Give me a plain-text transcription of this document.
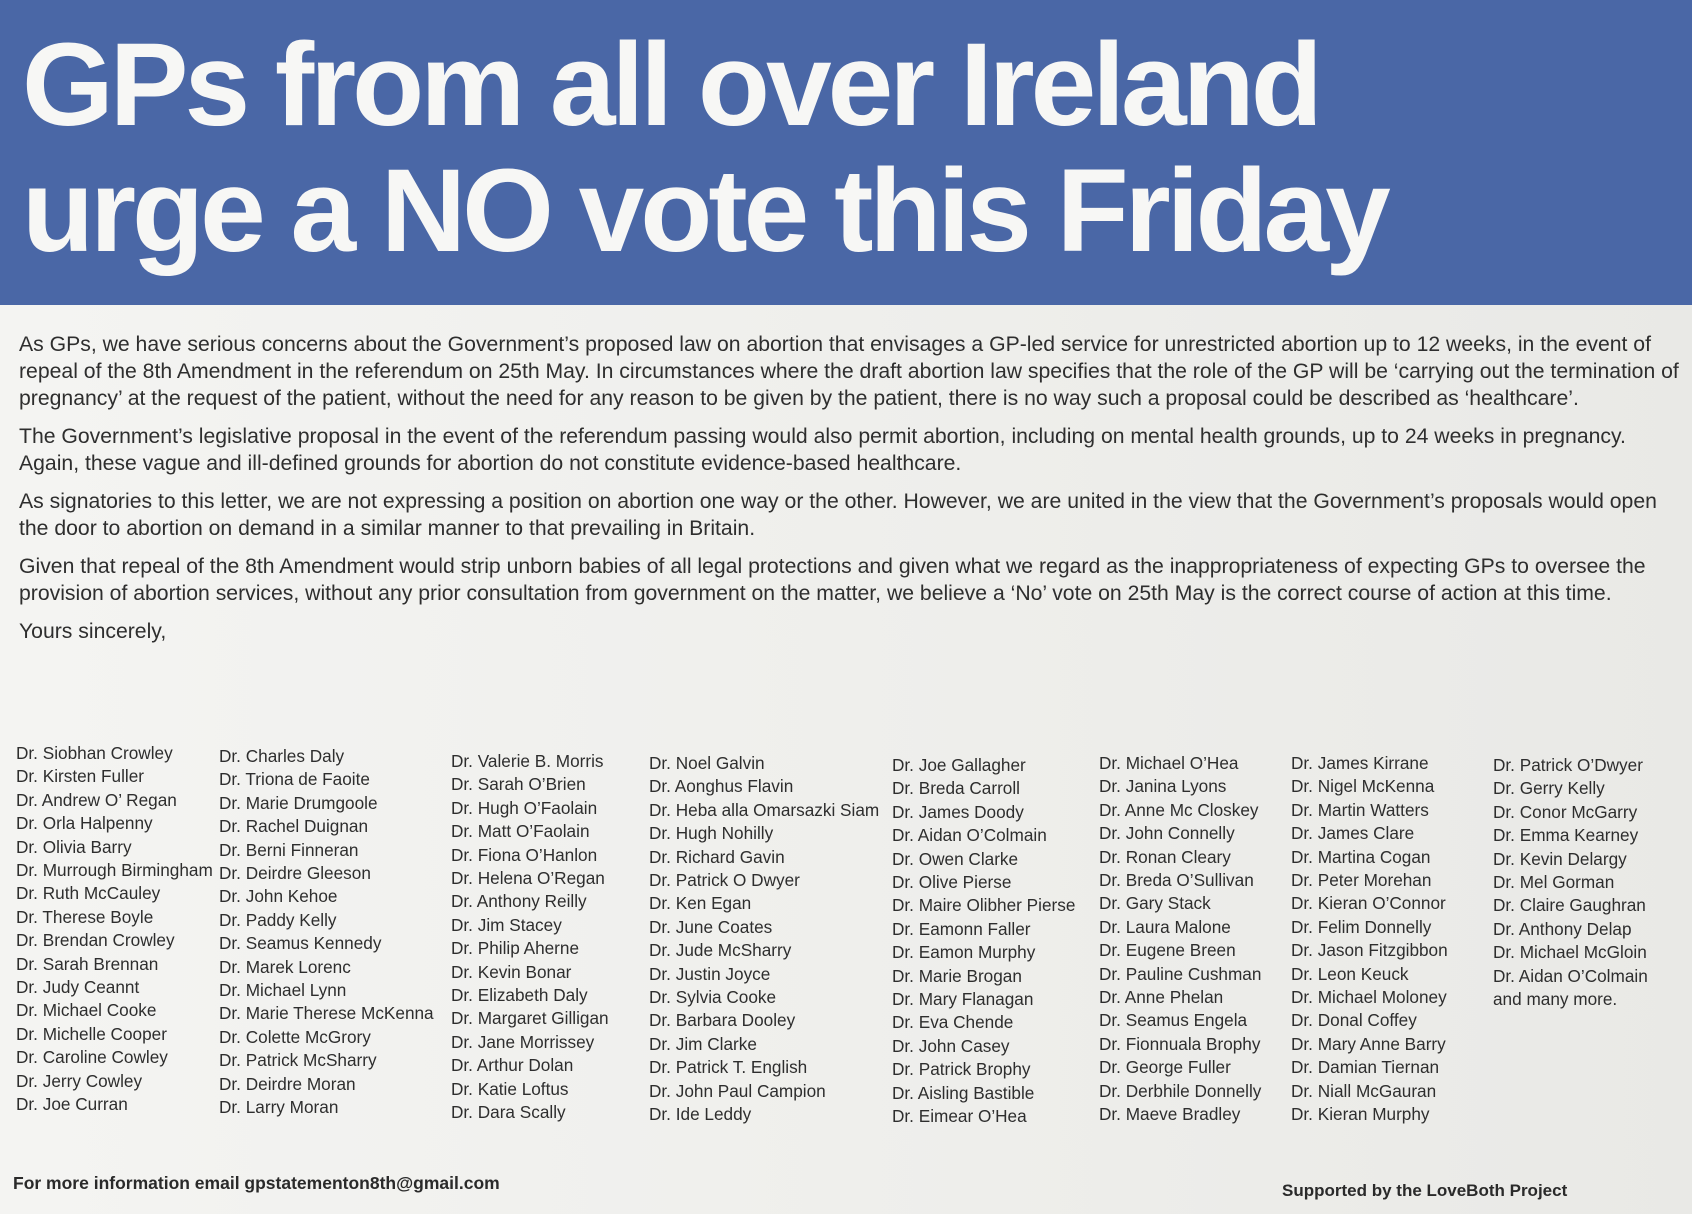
GPs from all over Ireland
urge a NO vote this Friday

As GPs, we have serious concerns about the Government’s proposed law on abortion that envisages a GP-led service for unrestricted abortion up to 12 weeks, in the event of repeal of the 8th Amendment in the referendum on 25th May. In circumstances where the draft abortion law specifies that the role of the GP will be ‘carrying out the termination of pregnancy’ at the request of the patient, without the need for any reason to be given by the patient, there is no way such a proposal could be described as ‘healthcare’.

The Government’s legislative proposal in the event of the referendum passing would also permit abortion, including on mental health grounds, up to 24 weeks in pregnancy. Again, these vague and ill-defined grounds for abortion do not constitute evidence-based healthcare.

As signatories to this letter, we are not expressing a position on abortion one way or the other. However, we are united in the view that the Government’s proposals would open the door to abortion on demand in a similar manner to that prevailing in Britain.

Given that repeal of the 8th Amendment would strip unborn babies of all legal protections and given what we regard as the inappropriateness of expecting GPs to oversee the provision of abortion services, without any prior consultation from government on the matter, we believe a ‘No’ vote on 25th May is the correct course of action at this time.

Yours sincerely,

Dr. Siobhan Crowley
Dr. Kirsten Fuller
Dr. Andrew O’ Regan
Dr. Orla Halpenny
Dr. Olivia Barry
Dr. Murrough Birmingham
Dr. Ruth McCauley
Dr. Therese Boyle
Dr. Brendan Crowley
Dr. Sarah Brennan
Dr. Judy Ceannt
Dr. Michael Cooke
Dr. Michelle Cooper
Dr. Caroline Cowley
Dr. Jerry Cowley
Dr. Joe Curran
Dr. Charles Daly
Dr. Triona de Faoite
Dr. Marie Drumgoole
Dr. Rachel Duignan
Dr. Berni Finneran
Dr. Deirdre Gleeson
Dr. John Kehoe
Dr. Paddy Kelly
Dr. Seamus Kennedy
Dr. Marek Lorenc
Dr. Michael Lynn
Dr. Marie Therese McKenna
Dr. Colette McGrory
Dr. Patrick McSharry
Dr. Deirdre Moran
Dr. Larry Moran
Dr. Valerie B. Morris
Dr. Sarah O’Brien
Dr. Hugh O’Faolain
Dr. Matt O’Faolain
Dr. Fiona O’Hanlon
Dr. Helena O’Regan
Dr. Anthony Reilly
Dr. Jim Stacey
Dr. Philip Aherne
Dr. Kevin Bonar
Dr. Elizabeth Daly
Dr. Margaret Gilligan
Dr. Jane Morrissey
Dr. Arthur Dolan
Dr. Katie Loftus
Dr. Dara Scally
Dr. Noel Galvin
Dr. Aonghus Flavin
Dr. Heba alla Omarsazki Siam
Dr. Hugh Nohilly
Dr. Richard Gavin
Dr. Patrick O Dwyer
Dr. Ken Egan
Dr. June Coates
Dr. Jude McSharry
Dr. Justin Joyce
Dr. Sylvia Cooke
Dr. Barbara Dooley
Dr. Jim Clarke
Dr. Patrick T. English
Dr. John Paul Campion
Dr. Ide Leddy
Dr. Joe Gallagher
Dr. Breda Carroll
Dr. James Doody
Dr. Aidan O’Colmain
Dr. Owen Clarke
Dr. Olive Pierse
Dr. Maire Olibher Pierse
Dr. Eamonn Faller
Dr. Eamon Murphy
Dr. Marie Brogan
Dr. Mary Flanagan
Dr. Eva Chende
Dr. John Casey
Dr. Patrick Brophy
Dr. Aisling Bastible
Dr. Eimear O’Hea
Dr. Michael O’Hea
Dr. Janina Lyons
Dr. Anne Mc Closkey
Dr. John Connelly
Dr. Ronan Cleary
Dr. Breda O’Sullivan
Dr. Gary Stack
Dr. Laura Malone
Dr. Eugene Breen
Dr. Pauline Cushman
Dr. Anne Phelan
Dr. Seamus Engela
Dr. Fionnuala Brophy
Dr. George Fuller
Dr. Derbhile Donnelly
Dr. Maeve Bradley
Dr. James Kirrane
Dr. Nigel McKenna
Dr. Martin Watters
Dr. James Clare
Dr. Martina Cogan
Dr. Peter Morehan
Dr. Kieran O’Connor
Dr. Felim Donnelly
Dr. Jason Fitzgibbon
Dr. Leon Keuck
Dr. Michael Moloney
Dr. Donal Coffey
Dr. Mary Anne Barry
Dr. Damian Tiernan
Dr. Niall McGauran
Dr. Kieran Murphy
Dr. Patrick O’Dwyer
Dr. Gerry Kelly
Dr. Conor McGarry
Dr. Emma Kearney
Dr. Kevin Delargy
Dr. Mel Gorman
Dr. Claire Gaughran
Dr. Anthony Delap
Dr. Michael McGloin
Dr. Aidan O’Colmain
and many more.
For more information email gpstatementon8th@gmail.com	Supported by the LoveBoth Project
